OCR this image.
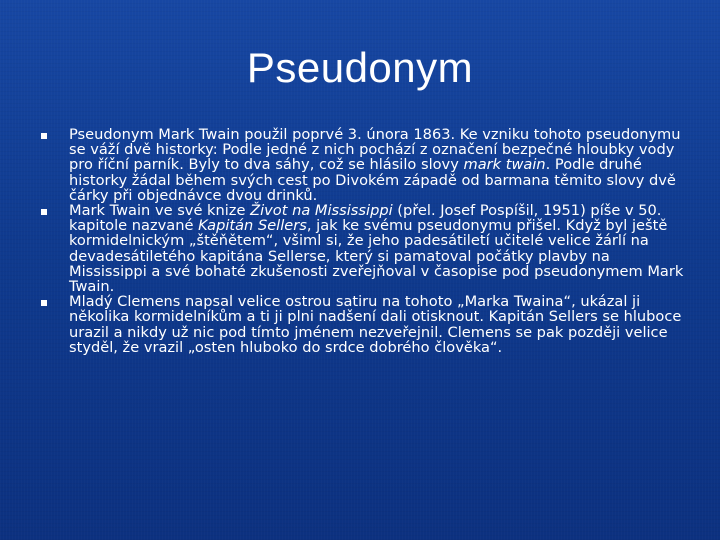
Pseudonym
Pseudonym Mark Twain použil poprvé 3. února 1863. Ke vzniku tohoto pseudonymu se váží dvě historky: Podle jedné z nich pochází z označení bezpečné hloubky vody pro říční parník. Byly to dva sáhy, což se hlásilo slovy mark twain. Podle druhé historky žádal během svých cest po Divokém západě od barmana těmito slovy dvě čárky při objednávce dvou drinků.
Mark Twain ve své knize Život na Mississippi (přel. Josef Pospíšil, 1951) píše v 50. kapitole nazvané Kapitán Sellers, jak ke svému pseudonymu přišel. Když byl ještě kormidelnickým „štěňětem“, všiml si, že jeho padesátiletí učitelé velice žárlí na devadesátiletého kapitána Sellerse, který si pamatoval počátky plavby na Mississippi a své bohaté zkušenosti zveřejňoval v časopise pod pseudonymem Mark Twain.
Mladý Clemens napsal velice ostrou satiru na tohoto „Marka Twaina“, ukázal ji několika kormidelníkům a ti ji plni nadšení dali otisknout. Kapitán Sellers se hluboce urazil a nikdy už nic pod tímto jménem nezveřejnil. Clemens se pak později velice styděl, že vrazil „osten hluboko do srdce dobrého člověka“.
